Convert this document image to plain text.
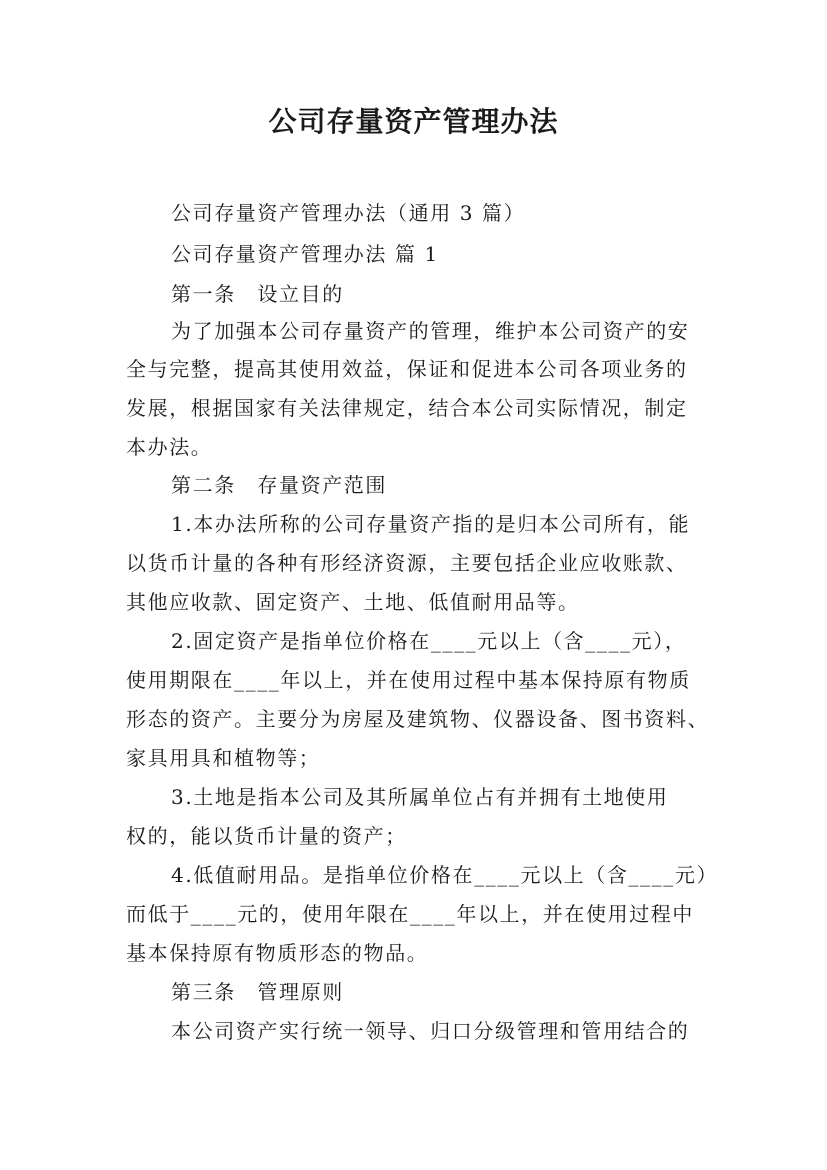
公司存量资产管理办法
公司存量资产管理办法（通用 3 篇）
公司存量资产管理办法 篇 1
第一条　设立目的
为了加强本公司存量资产的管理，维护本公司资产的安
全与完整，提高其使用效益，保证和促进本公司各项业务的
发展，根据国家有关法律规定，结合本公司实际情况，制定
本办法。
第二条　存量资产范围
1.本办法所称的公司存量资产指的是归本公司所有，能
以货币计量的各种有形经济资源，主要包括企业应收账款、
其他应收款、固定资产、土地、低值耐用品等。
2.固定资产是指单位价格在____元以上（含____元），
使用期限在____年以上，并在使用过程中基本保持原有物质
形态的资产。主要分为房屋及建筑物、仪器设备、图书资料、
家具用具和植物等；
3.土地是指本公司及其所属单位占有并拥有土地使用
权的，能以货币计量的资产；
4.低值耐用品。是指单位价格在____元以上（含____元）
而低于____元的，使用年限在____年以上，并在使用过程中
基本保持原有物质形态的物品。
第三条　管理原则
本公司资产实行统一领导、归口分级管理和管用结合的
